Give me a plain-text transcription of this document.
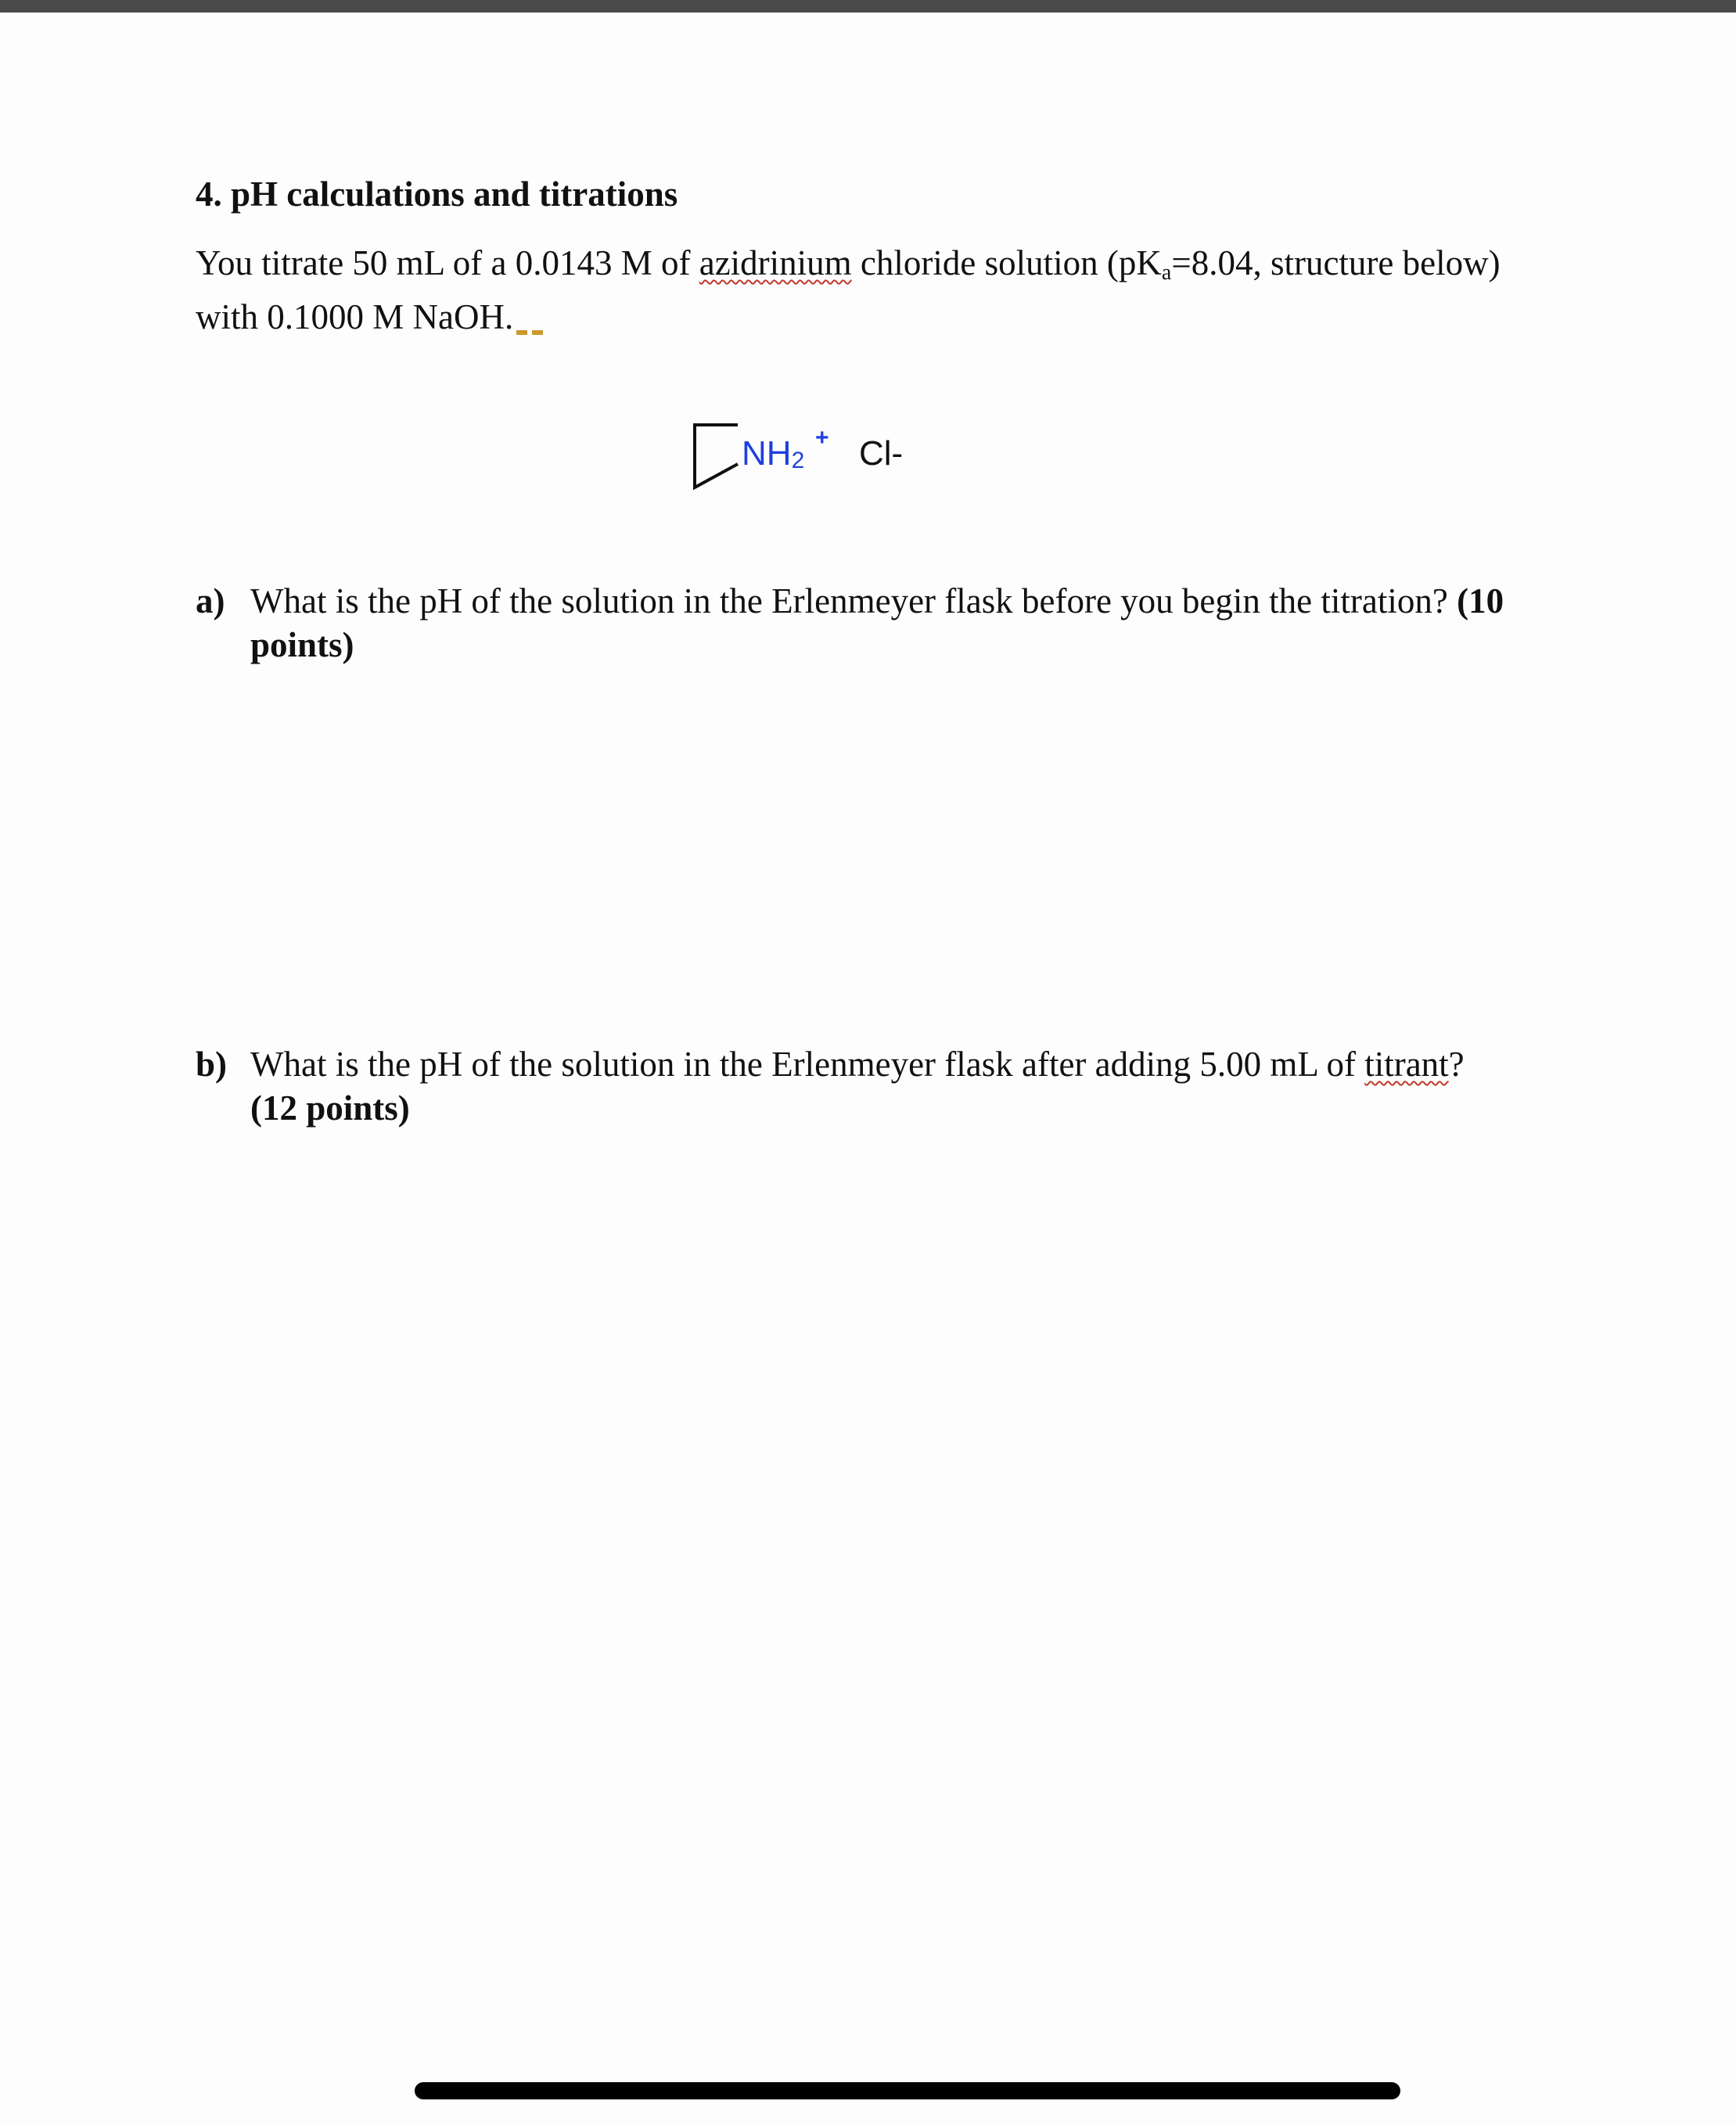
4. pH calculations and titrations
You titrate 50 mL of a 0.0143 M of azidrinium chloride solution ($pK_a=8.04$, structure below)
with 0.1000 M NaOH.
NH2
+ Cl-
a) What is the pH of the solution in the Erlenmeyer flask before you begin the titration? (10
points)
b) What is the pH of the solution in the Erlenmeyer flask after adding 5.00 mL of titrant?
(12 points)
